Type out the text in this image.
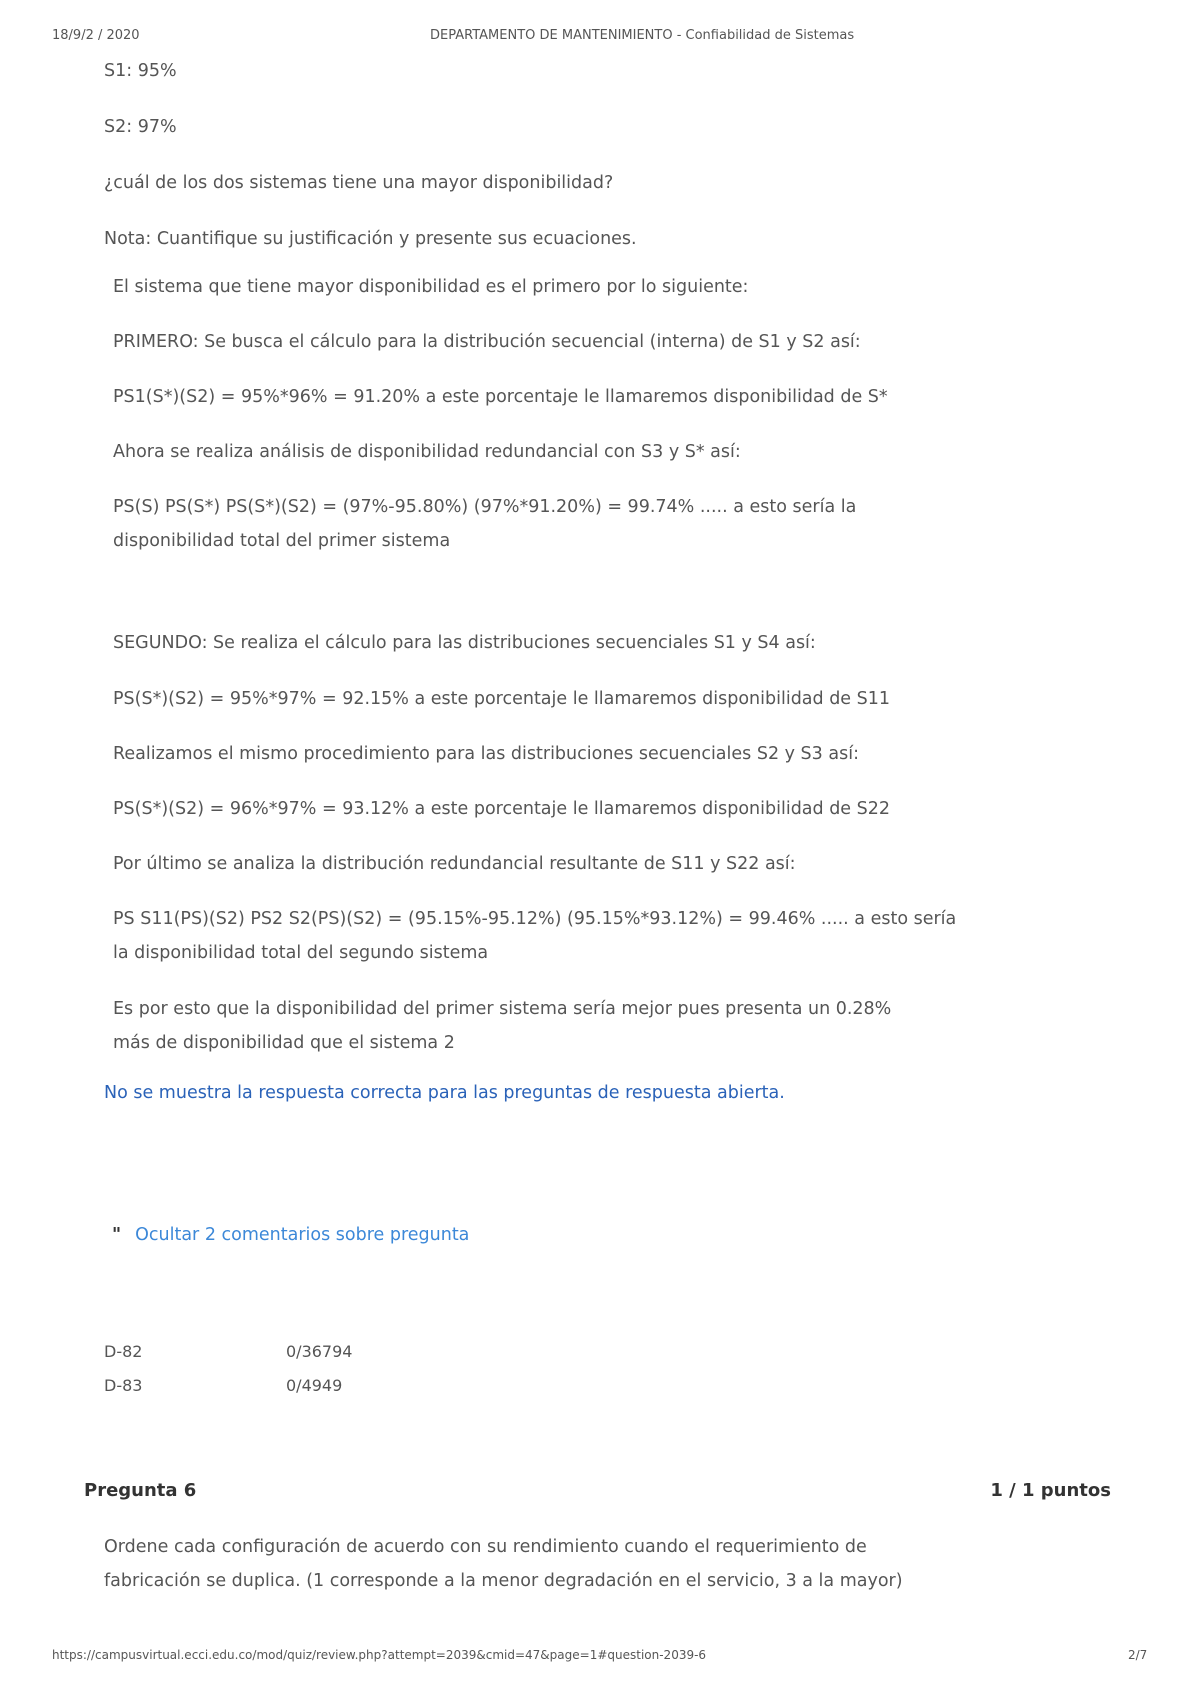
18/9/2 / 2020	DEPARTAMENTO DE MANTENIMIENTO - Confiabilidad de Sistemas
S1: 95%
S2: 97%
¿cuál de los dos sistemas tiene una mayor disponibilidad?
Nota: Cuantifique su justificación y presente sus ecuaciones.
El sistema que tiene mayor disponibilidad es el primero por lo siguiente:
PRIMERO: Se busca el cálculo para la distribución secuencial (interna) de S1 y S2 así:
PS1(S*)(S2) = 95%*96% = 91.20% a este porcentaje le llamaremos disponibilidad de S*
Ahora se realiza análisis de disponibilidad redundancial con S3 y S* así:
PS(S) PS(S*) PS(S*)(S2) = (97%-95.80%) (97%*91.20%) = 99.74% ..... a esto sería la
disponibilidad total del primer sistema
SEGUNDO: Se realiza el cálculo para las distribuciones secuenciales S1 y S4 así:
PS(S*)(S2) = 95%*97% = 92.15% a este porcentaje le llamaremos disponibilidad de S11
Realizamos el mismo procedimiento para las distribuciones secuenciales S2 y S3 así:
PS(S*)(S2) = 96%*97% = 93.12% a este porcentaje le llamaremos disponibilidad de S22
Por último se analiza la distribución redundancial resultante de S11 y S22 así:
PS S11(PS)(S2) PS2 S2(PS)(S2) = (95.15%-95.12%) (95.15%*93.12%) = 99.46% ..... a esto sería
la disponibilidad total del segundo sistema
Es por esto que la disponibilidad del primer sistema sería mejor pues presenta un 0.28%
más de disponibilidad que el sistema 2
No se muestra la respuesta correcta para las preguntas de respuesta abierta.
" Ocultar 2 comentarios sobre pregunta
D-82	0/36794
D-83	0/4949
Pregunta 6	1 / 1 puntos
Ordene cada configuración de acuerdo con su rendimiento cuando el requerimiento de
fabricación se duplica. (1 corresponde a la menor degradación en el servicio, 3 a la mayor)
https://campusvirtual.ecci.edu.co/mod/quiz/review.php?attempt=2039&cmid=47&page=1#question-2039-6	2/7
